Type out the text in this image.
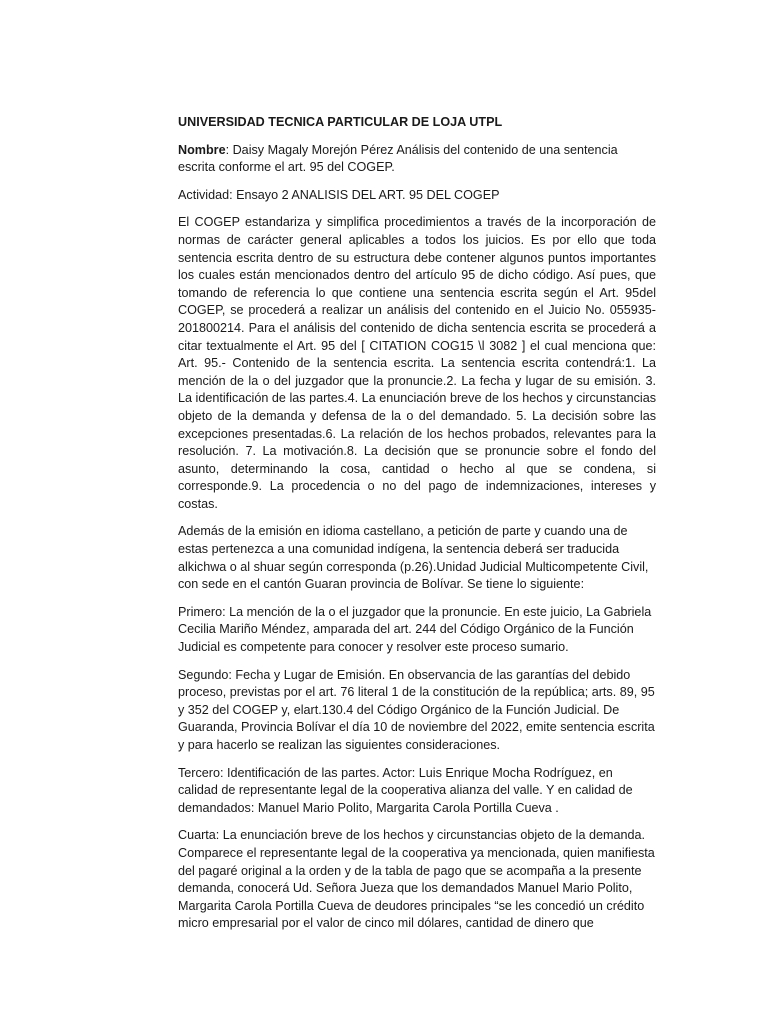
UNIVERSIDAD TECNICA PARTICULAR DE LOJA UTPL

Nombre: Daisy Magaly Morejón Pérez Análisis del contenido de una sentencia escrita conforme el art. 95 del COGEP.

Actividad: Ensayo 2 ANALISIS DEL ART. 95 DEL COGEP

El COGEP estandariza y simplifica procedimientos a través de la incorporación de normas de carácter general aplicables a todos los juicios. Es por ello que toda sentencia escrita dentro de su estructura debe contener algunos puntos importantes los cuales están mencionados dentro del artículo 95 de dicho código. Así pues, que tomando de referencia lo que contiene una sentencia escrita según el Art. 95del COGEP, se procederá a realizar un análisis del contenido en el Juicio No. 055935-201800214. Para el análisis del contenido de dicha sentencia escrita se procederá a citar textualmente el Art. 95 del [ CITATION COG15 \l 3082 ] el cual menciona que: Art. 95.- Contenido de la sentencia escrita. La sentencia escrita contendrá:1. La mención de la o del juzgador que la pronuncie.2. La fecha y lugar de su emisión. 3. La identificación de las partes.4. La enunciación breve de los hechos y circunstancias objeto de la demanda y defensa de la o del demandado. 5. La decisión sobre las excepciones presentadas.6. La relación de los hechos probados, relevantes para la resolución. 7. La motivación.8. La decisión que se pronuncie sobre el fondo del asunto, determinando la cosa, cantidad o hecho al que se condena, si corresponde.9. La procedencia o no del pago de indemnizaciones, intereses y costas.

Además de la emisión en idioma castellano, a petición de parte y cuando una de estas pertenezca a una comunidad indígena, la sentencia deberá ser traducida alkichwa o al shuar según corresponda (p.26).Unidad Judicial Multicompetente Civil, con sede en el cantón Guaran provincia de Bolívar. Se tiene lo siguiente:

Primero: La mención de la o el juzgador que la pronuncie. En este juicio, La Gabriela Cecilia Mariño Méndez, amparada del art. 244 del Código Orgánico de la Función Judicial es competente para conocer y resolver este proceso sumario.

Segundo: Fecha y Lugar de Emisión. En observancia de las garantías del debido proceso, previstas por el art. 76 literal 1 de la constitución de la república; arts. 89, 95 y 352 del COGEP y, elart.130.4 del Código Orgánico de la Función Judicial. De Guaranda, Provincia Bolívar el día 10 de noviembre del 2022, emite sentencia escrita y para hacerlo se realizan las siguientes consideraciones.

Tercero: Identificación de las partes. Actor: Luis Enrique Mocha Rodríguez, en calidad de representante legal de la cooperativa alianza del valle. Y en calidad de demandados: Manuel Mario Polito, Margarita Carola Portilla Cueva .

Cuarta: La enunciación breve de los hechos y circunstancias objeto de la demanda. Comparece el representante legal de la cooperativa ya mencionada, quien manifiesta del pagaré original a la orden y de la tabla de pago que se acompaña a la presente demanda, conocerá Ud. Señora Jueza que los demandados Manuel Mario Polito, Margarita Carola Portilla Cueva de deudores principales “se les concedió un crédito micro empresarial por el valor de cinco mil dólares, cantidad de dinero que
